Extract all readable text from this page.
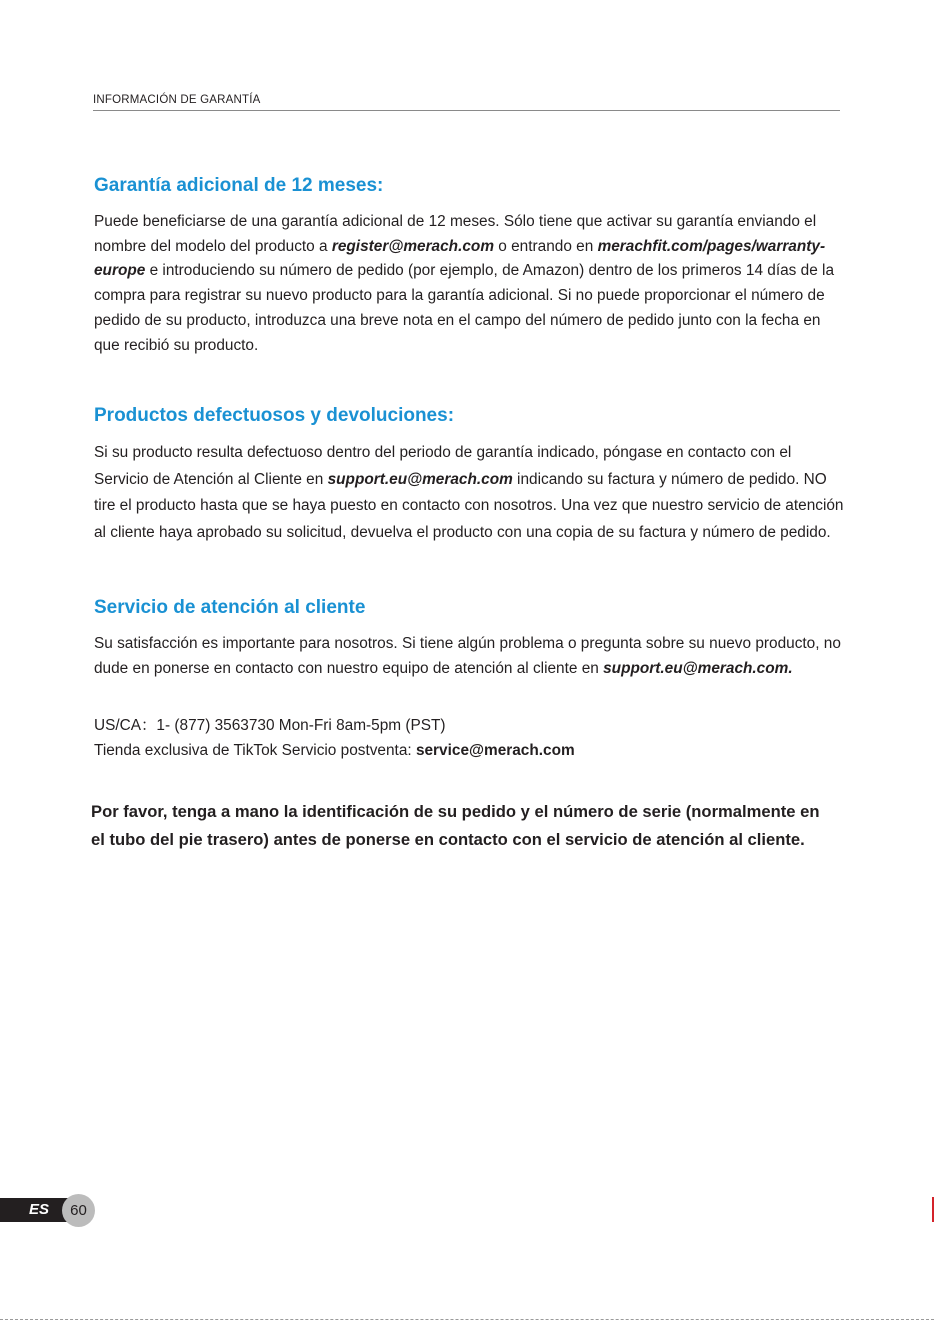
INFORMACIÓN DE GARANTÍA
Garantía adicional de 12 meses:

Puede beneficiarse de una garantía adicional de 12 meses. Sólo tiene que activar su garantía enviando el nombre del modelo del producto a register@merach.com o entrando en merachfit.com/pages/warranty-europe e introduciendo su número de pedido (por ejemplo, de Amazon) dentro de los primeros 14 días de la compra para registrar su nuevo producto para la garantía adicional. Si no puede proporcionar el número de pedido de su producto, introduzca una breve nota en el campo del número de pedido junto con la fecha en que recibió su producto.

Productos defectuosos y devoluciones:

Si su producto resulta defectuoso dentro del periodo de garantía indicado, póngase en contacto con el Servicio de Atención al Cliente en support.eu@merach.com indicando su factura y número de pedido. NO tire el producto hasta que se haya puesto en contacto con nosotros. Una vez que nuestro servicio de atención al cliente haya aprobado su solicitud, devuelva el producto con una copia de su factura y número de pedido.

Servicio de atención al cliente

Su satisfacción es importante para nosotros. Si tiene algún problema o pregunta sobre su nuevo producto, no dude en ponerse en contacto con nuestro equipo de atención al cliente en support.eu@merach.com.

US/CA：1- (877) 3563730 Mon-Fri 8am-5pm (PST)

Tienda exclusiva de TikTok Servicio postventa: service@merach.com

Por favor, tenga a mano la identificación de su pedido y el número de serie (normalmente en el tubo del pie trasero) antes de ponerse en contacto con el servicio de atención al cliente.

ES	60
